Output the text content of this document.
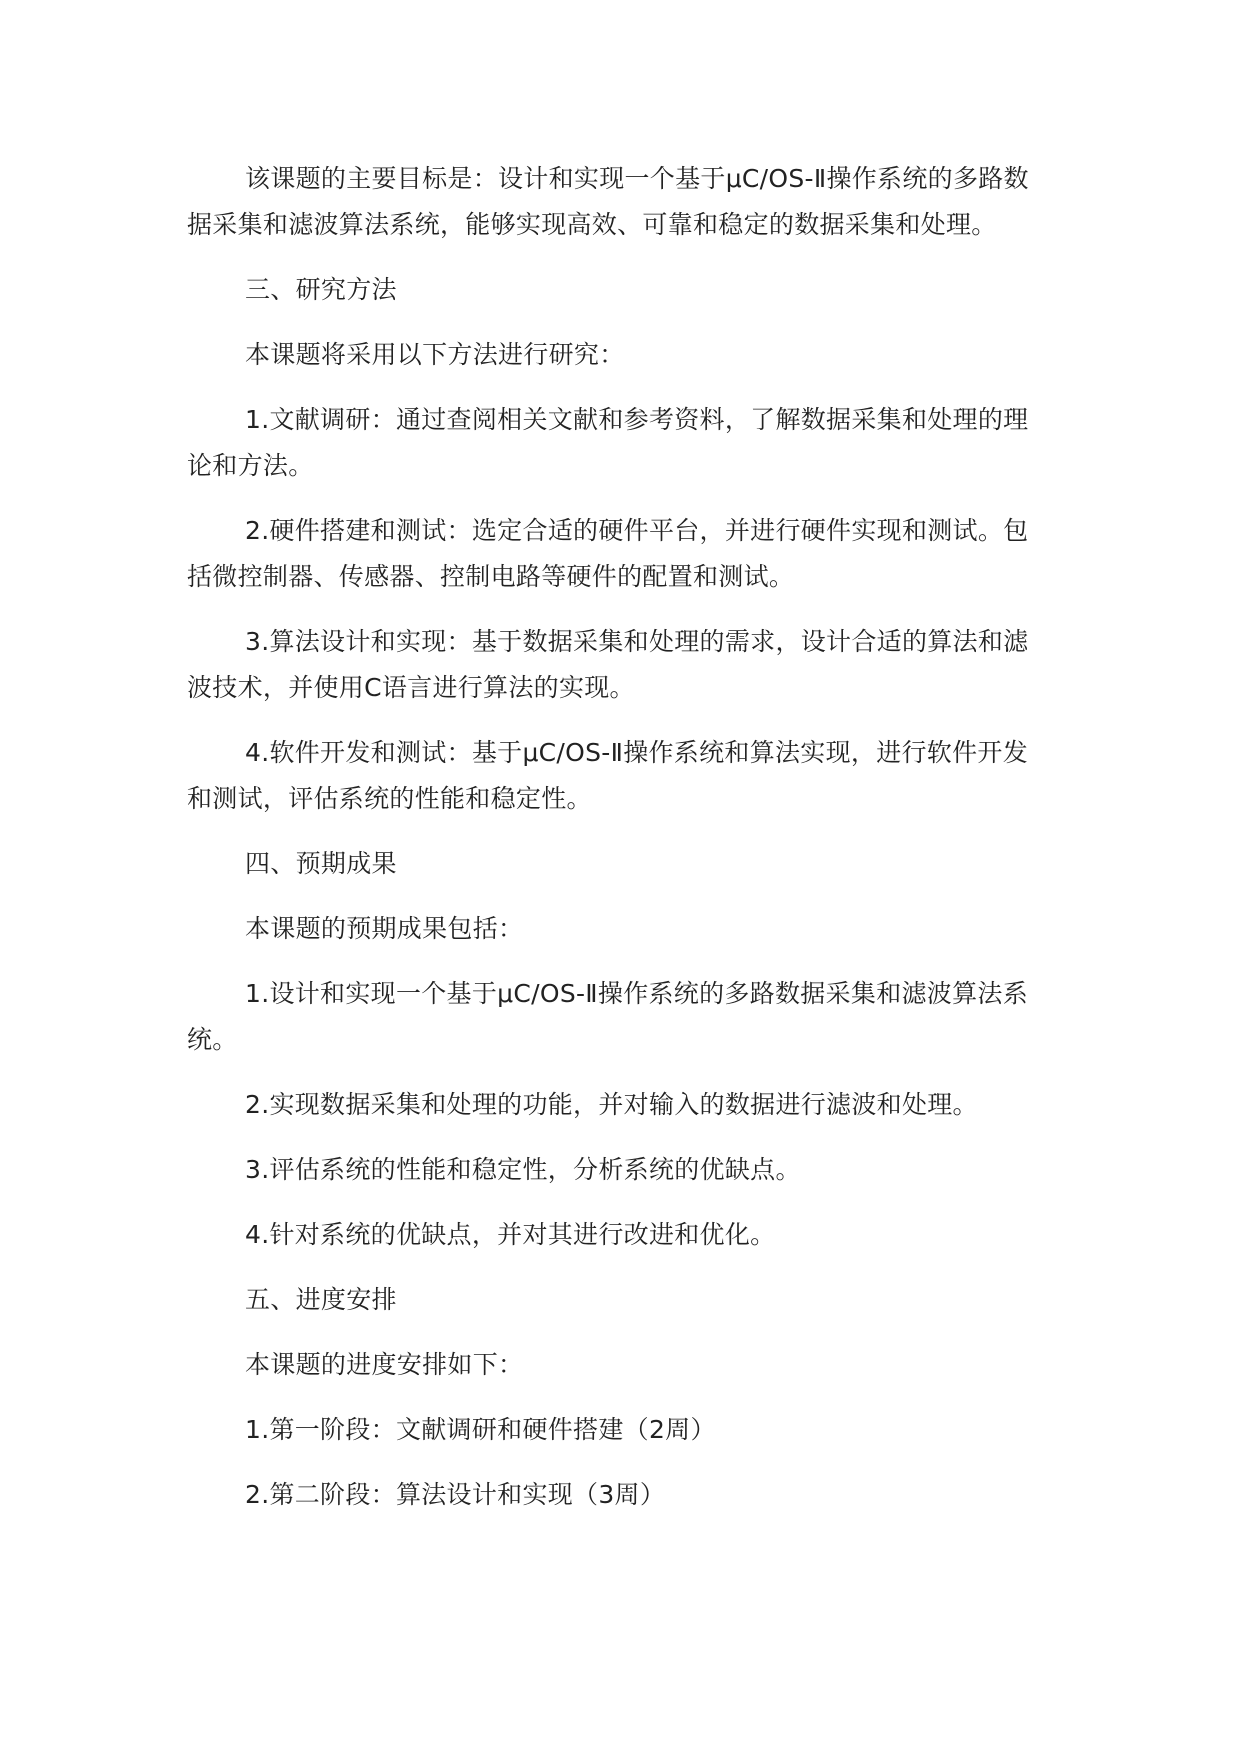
该课题的主要目标是：设计和实现一个基于μC/OS-Ⅱ操作系统的多路数据采集和滤波算法系统，能够实现高效、可靠和稳定的数据采集和处理。

三、研究方法

本课题将采用以下方法进行研究：

1.文献调研：通过查阅相关文献和参考资料，了解数据采集和处理的理论和方法。

2.硬件搭建和测试：选定合适的硬件平台，并进行硬件实现和测试。包括微控制器、传感器、控制电路等硬件的配置和测试。

3.算法设计和实现：基于数据采集和处理的需求，设计合适的算法和滤波技术，并使用C语言进行算法的实现。

4.软件开发和测试：基于μC/OS-Ⅱ操作系统和算法实现，进行软件开发和测试，评估系统的性能和稳定性。

四、预期成果

本课题的预期成果包括：

1.设计和实现一个基于μC/OS-Ⅱ操作系统的多路数据采集和滤波算法系统。

2.实现数据采集和处理的功能，并对输入的数据进行滤波和处理。

3.评估系统的性能和稳定性，分析系统的优缺点。

4.针对系统的优缺点，并对其进行改进和优化。

五、进度安排

本课题的进度安排如下：

1.第一阶段：文献调研和硬件搭建（2周）

2.第二阶段：算法设计和实现（3周）
